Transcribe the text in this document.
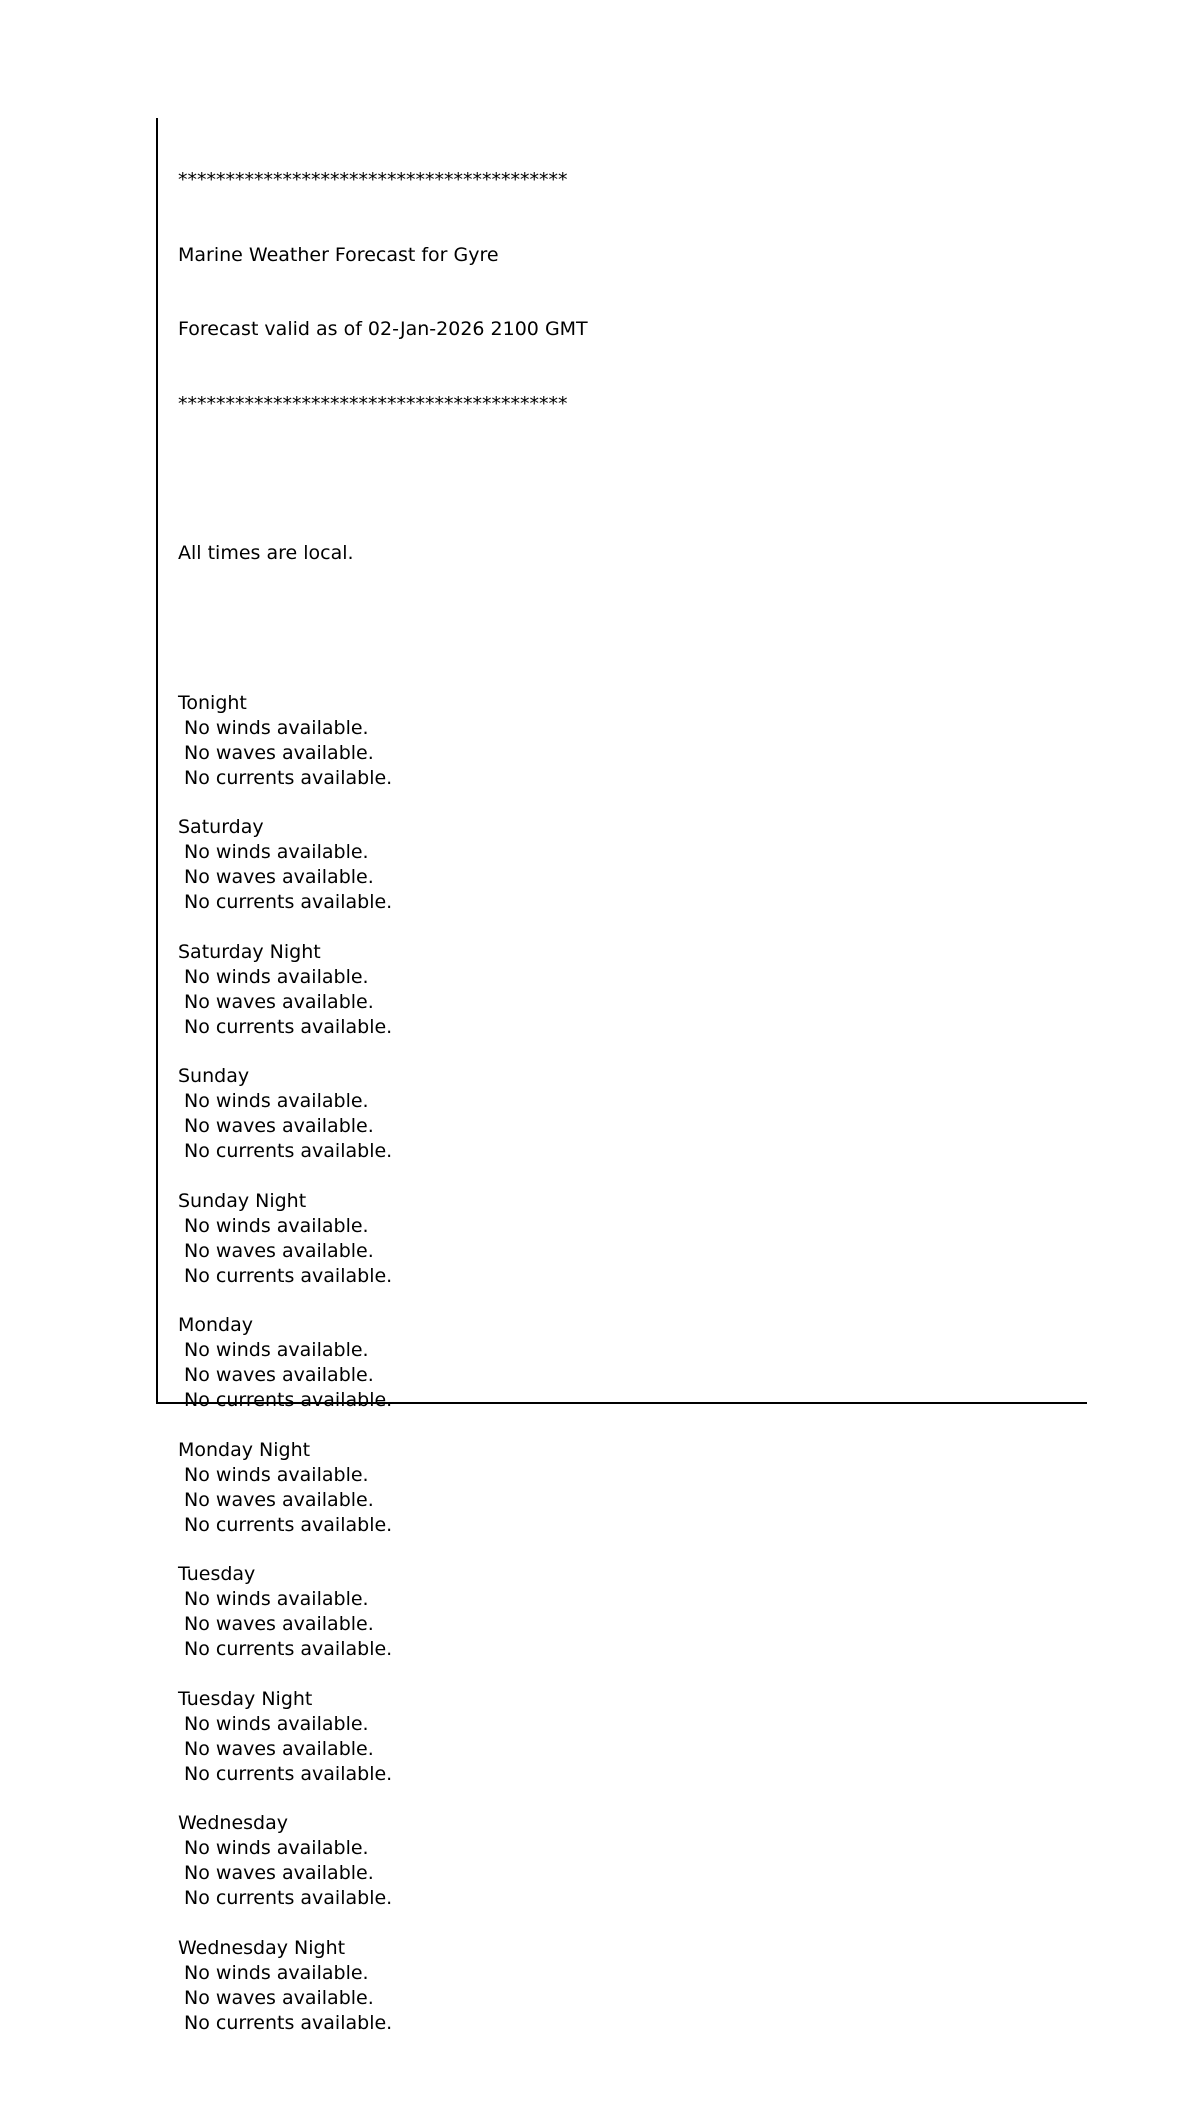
*****************************************

Marine Weather Forecast for Gyre

Forecast valid as of 02-Jan-2026 2100 GMT

*****************************************

All times are local.

Tonight
No winds available.
No waves available.
No currents available.
Saturday
No winds available.
No waves available.
No currents available.
Saturday Night
No winds available.
No waves available.
No currents available.
Sunday
No winds available.
No waves available.
No currents available.
Sunday Night
No winds available.
No waves available.
No currents available.
Monday
No winds available.
No waves available.
No currents available.
Monday Night
No winds available.
No waves available.
No currents available.
Tuesday
No winds available.
No waves available.
No currents available.
Tuesday Night
No winds available.
No waves available.
No currents available.
Wednesday
No winds available.
No waves available.
No currents available.
Wednesday Night
No winds available.
No waves available.
No currents available.
